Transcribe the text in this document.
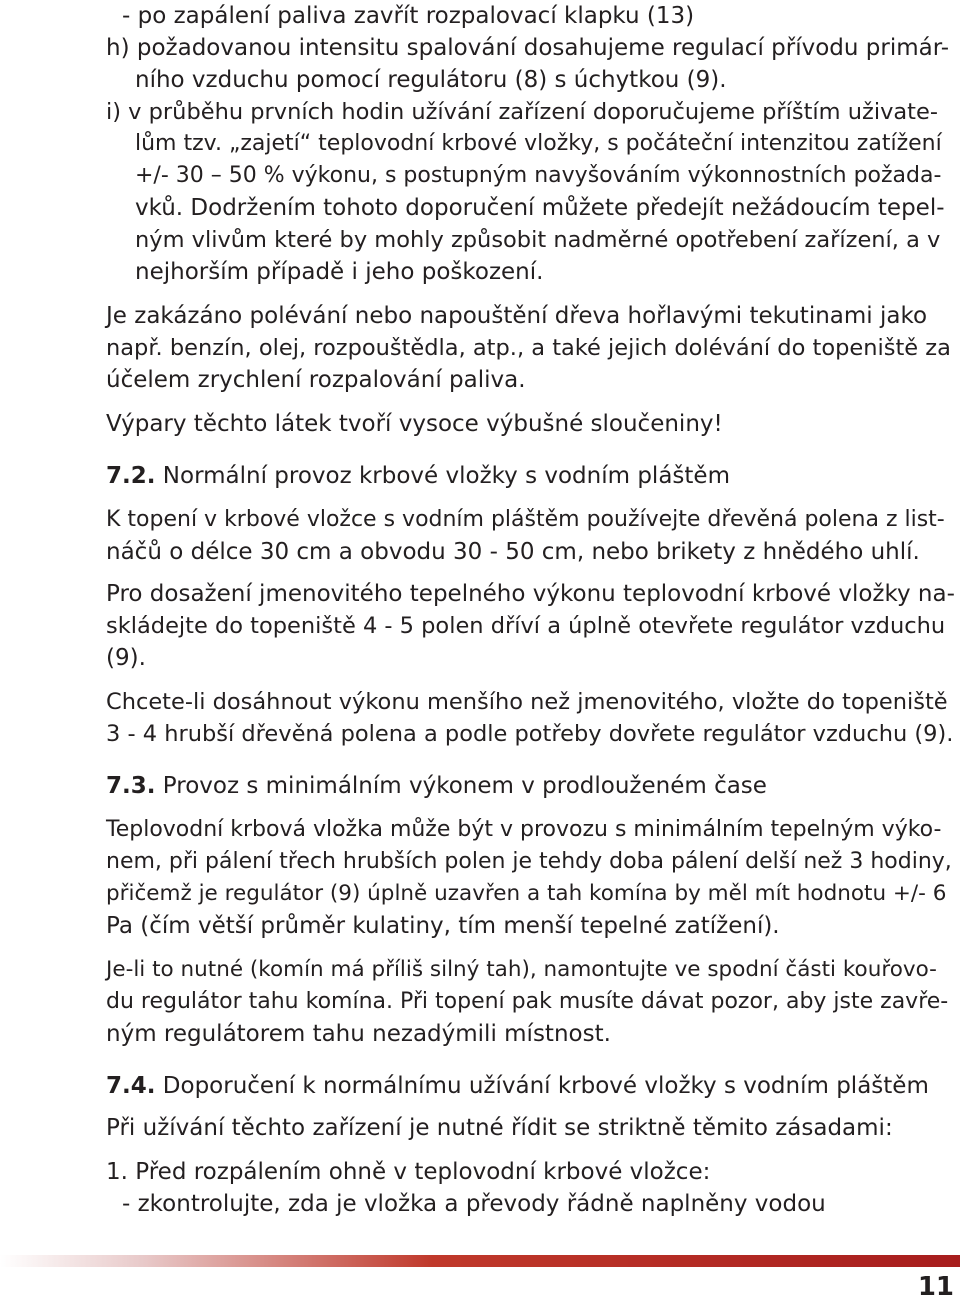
- po zapálení paliva zavřít rozpalovací klapku (13)
h) požadovanou intensitu spalování dosahujeme regulací přívodu primár-
ního vzduchu pomocí regulátoru (8) s úchytkou (9).
i) v průběhu prvních hodin užívání zařízení doporučujeme příštím uživate-
lům tzv. „zajetí“ teplovodní krbové vložky, s počáteční intenzitou zatížení
+/- 30 – 50 % výkonu, s postupným navyšováním výkonnostních požada-
vků. Dodržením tohoto doporučení můžete předejít nežádoucím tepel-
ným vlivům které by mohly způsobit nadměrné opotřebení zařízení, a v
nejhorším případě i jeho poškození.
Je zakázáno polévání nebo napouštění dřeva hořlavými tekutinami jako
např. benzín, olej, rozpouštědla, atp., a také jejich dolévání do topeniště za
účelem zrychlení rozpalování paliva.
Výpary těchto látek tvoří vysoce výbušné sloučeniny!
7.2. Normální provoz krbové vložky s vodním pláštěm
K topení v krbové vložce s vodním pláštěm používejte dřevěná polena z list-
náčů o délce 30 cm a obvodu 30 - 50 cm, nebo brikety z hnědého uhlí.
Pro dosažení jmenovitého tepelného výkonu teplovodní krbové vložky na-
skládejte do topeniště 4 - 5 polen dříví a úplně otevřete regulátor vzduchu
(9).
Chcete-li dosáhnout výkonu menšího než jmenovitého, vložte do topeniště
3 - 4 hrubší dřevěná polena a podle potřeby dovřete regulátor vzduchu (9).
7.3. Provoz s minimálním výkonem v prodlouženém čase
Teplovodní krbová vložka může být v provozu s minimálním tepelným výko-
nem, při pálení třech hrubších polen je tehdy doba pálení delší než 3 hodiny,
přičemž je regulátor (9) úplně uzavřen a tah komína by měl mít hodnotu +/- 6
Pa (čím větší průměr kulatiny, tím menší tepelné zatížení).
Je-li to nutné (komín má příliš silný tah), namontujte ve spodní části kouřovo-
du regulátor tahu komína. Při topení pak musíte dávat pozor, aby jste zavře-
ným regulátorem tahu nezadýmili místnost.
7.4. Doporučení k normálnímu užívání krbové vložky s vodním pláštěm
Při užívání těchto zařízení je nutné řídit se striktně těmito zásadami:
1. Před rozpálením ohně v teplovodní krbové vložce:
- zkontrolujte, zda je vložka a převody řádně naplněny vodou
11
